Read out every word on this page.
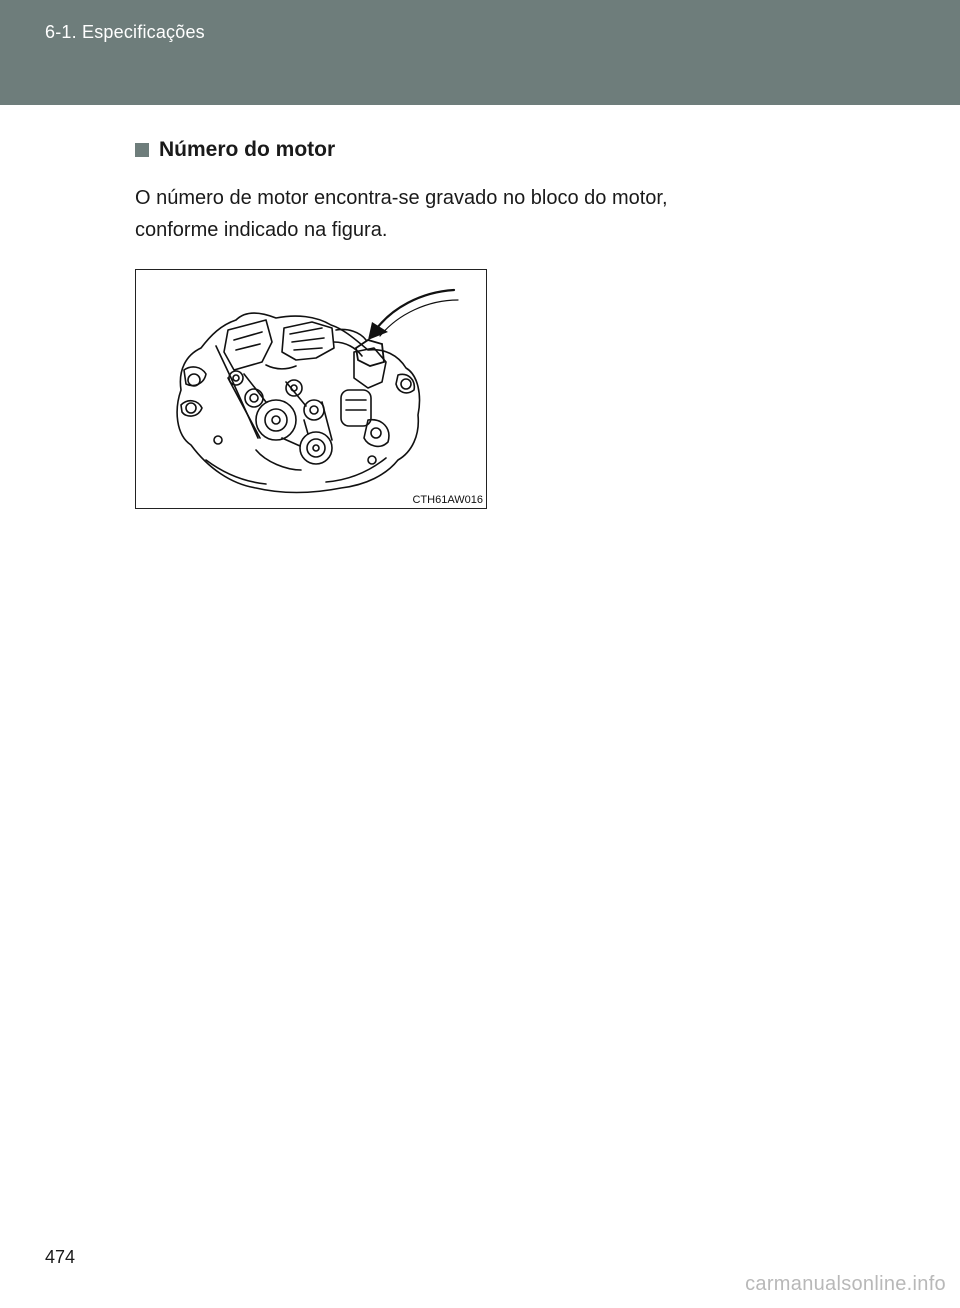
6-1. Especificações
Número do motor
O número de motor encontra-se gravado no bloco do motor,
conforme indicado na figura.
CTH61AW016
474
carmanualsonline.info
